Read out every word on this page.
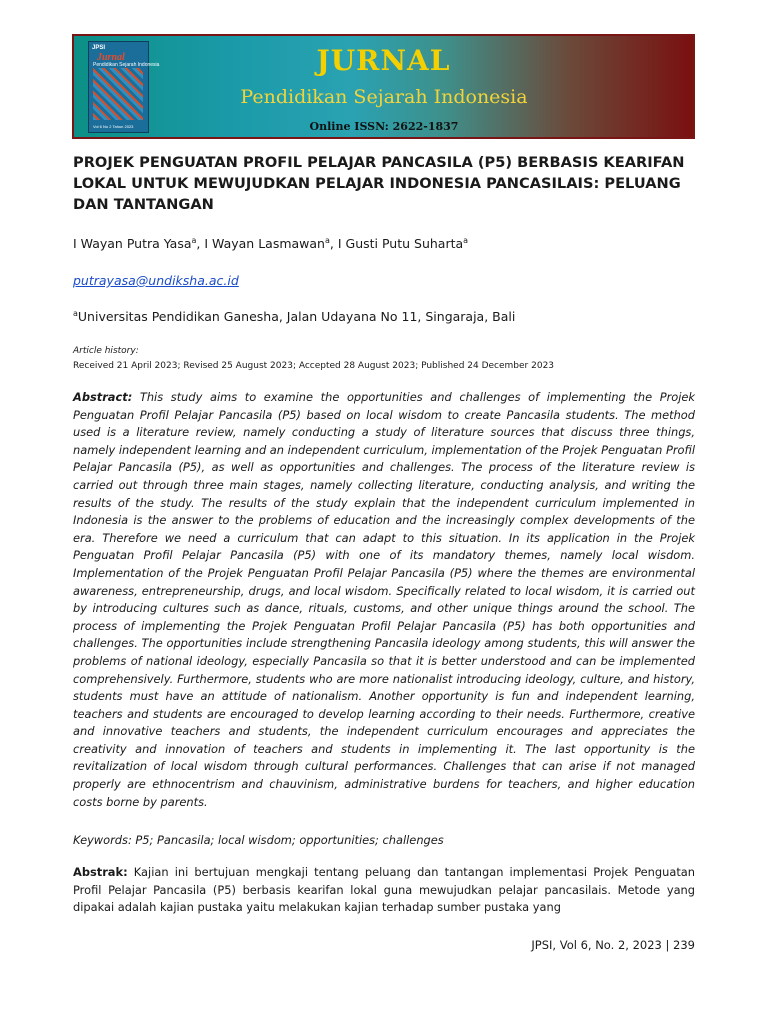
JPSI
Jurnal
Pendidikan Sejarah Indonesia
Vol 6 No 2 Tahun 2023
JURNAL
Pendidikan Sejarah Indonesia
Online ISSN: 2622-1837
PROJEK PENGUATAN PROFIL PELAJAR PANCASILA (P5) BERBASIS KEARIFAN LOKAL UNTUK MEWUJUDKAN PELAJAR INDONESIA PANCASILAIS: PELUANG DAN TANTANGAN
I Wayan Putra Yasa$^a$, I Wayan Lasmawan$^a$, I Gusti Putu Suharta$^a$
putrayasa@undiksha.ac.id
$^a$Universitas Pendidikan Ganesha, Jalan Udayana No 11, Singaraja, Bali
Article history:
Received 21 April 2023; Revised 25 August 2023; Accepted 28 August 2023; Published 24 December 2023

Abstract: This study aims to examine the opportunities and challenges of implementing the Projek Penguatan Profil Pelajar Pancasila (P5) based on local wisdom to create Pancasila students. The method used is a literature review, namely conducting a study of literature sources that discuss three things, namely independent learning and an independent curriculum, implementation of the Projek Penguatan Profil Pelajar Pancasila (P5), as well as opportunities and challenges. The process of the literature review is carried out through three main stages, namely collecting literature, conducting analysis, and writing the results of the study. The results of the study explain that the independent curriculum implemented in Indonesia is the answer to the problems of education and the increasingly complex developments of the era. Therefore we need a curriculum that can adapt to this situation. In its application in the Projek Penguatan Profil Pelajar Pancasila (P5) with one of its mandatory themes, namely local wisdom. Implementation of the Projek Penguatan Profil Pelajar Pancasila (P5) where the themes are environmental awareness, entrepreneurship, drugs, and local wisdom. Specifically related to local wisdom, it is carried out by introducing cultures such as dance, rituals, customs, and other unique things around the school. The process of implementing the Projek Penguatan Profil Pelajar Pancasila (P5) has both opportunities and challenges. The opportunities include strengthening Pancasila ideology among students, this will answer the problems of national ideology, especially Pancasila so that it is better understood and can be implemented comprehensively. Furthermore, students who are more nationalist introducing ideology, culture, and history, students must have an attitude of nationalism. Another opportunity is fun and independent learning, teachers and students are encouraged to develop learning according to their needs. Furthermore, creative and innovative teachers and students, the independent curriculum encourages and appreciates the creativity and innovation of teachers and students in implementing it. The last opportunity is the revitalization of local wisdom through cultural performances. Challenges that can arise if not managed properly are ethnocentrism and chauvinism, administrative burdens for teachers, and higher education costs borne by parents.

Keywords: P5; Pancasila; local wisdom; opportunities; challenges

Abstrak: Kajian ini bertujuan mengkaji tentang peluang dan tantangan implementasi Projek Penguatan Profil Pelajar Pancasila (P5) berbasis kearifan lokal guna mewujudkan pelajar pancasilais. Metode yang dipakai adalah kajian pustaka yaitu melakukan kajian terhadap sumber pustaka yang

JPSI, Vol 6, No. 2, 2023 | 239
